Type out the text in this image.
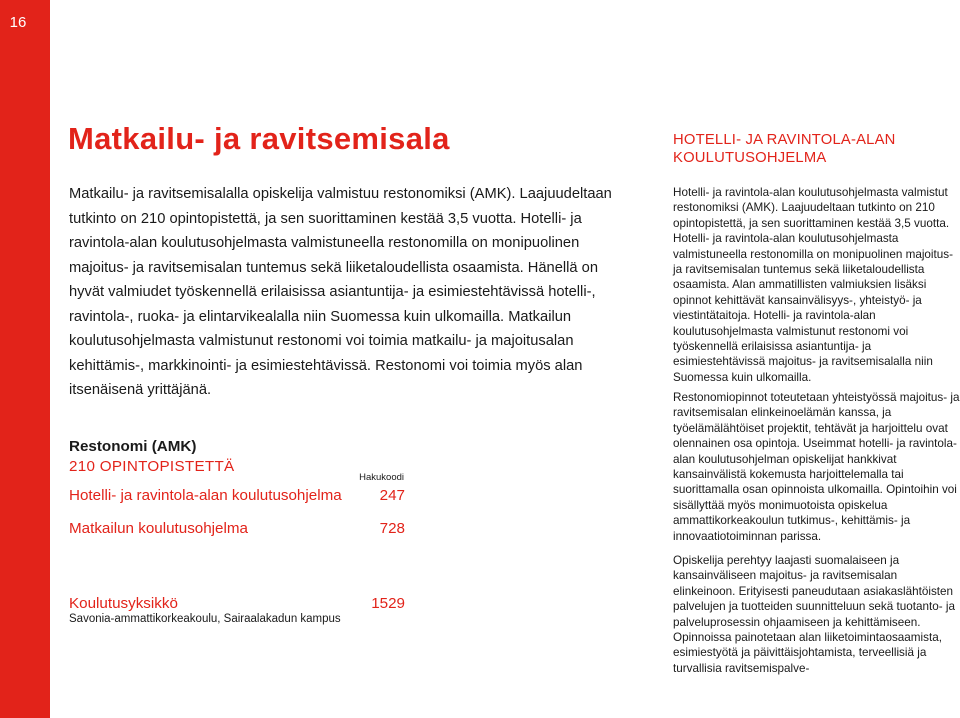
16
Matkailu- ja ravitsemisala

Matkailu- ja ravitsemisalalla opiskelija valmistuu restonomiksi (AMK). Laajuudeltaan tutkinto on 210 opintopistettä, ja sen suorittaminen kestää 3,5 vuotta. Hotelli- ja ravintola-alan koulutusohjelmasta valmistuneella restonomilla on monipuolinen majoitus- ja ravitsemisalan tuntemus sekä liiketaloudellista osaamista. Hänellä on hyvät valmiudet työskennellä erilaisissa asiantuntija- ja esimiestehtävissä hotelli-, ravintola-, ruoka- ja elintarvikealalla niin Suomessa kuin ulkomailla. Matkailun koulutusohjelmasta valmistunut restonomi voi toimia matkailu- ja majoitusalan kehittämis-, markkinointi- ja esimiestehtävissä. Restonomi voi toimia myös alan itsenäisenä yrittäjänä.

Restonomi (AMK)
210 OPINTOPISTETTÄ
Hakukoodi
Hotelli- ja ravintola-alan koulutusohjelma 247
Matkailun koulutusohjelma	728
Koulutusyksikkö	1529
Savonia-ammattikorkeakoulu, Sairaalakadun kampus
HOTELLI- JA RAVINTOLA-ALAN KOULUTUSOHJELMA

Hotelli- ja ravintola-alan koulutusohjelmasta valmistut restonomiksi (AMK). Laajuudeltaan tutkinto on 210 opintopistettä, ja sen suorittaminen kestää 3,5 vuotta. Hotelli- ja ravintola-alan koulutusohjelmasta valmistuneella restonomilla on monipuolinen majoitus- ja ravitsemisalan tuntemus sekä liiketaloudellista osaamista. Alan ammatillisten valmiuksien lisäksi opinnot kehittävät kansainvälisyys-, yhteistyö- ja viestintätaitoja. Hotelli- ja ravintola-alan koulutusohjelmasta valmistunut restonomi voi työskennellä erilaisissa asiantuntija- ja esimiestehtävissä majoitus- ja ravitsemisalalla niin Suomessa kuin ulkomailla.

Restonomiopinnot toteutetaan yhteistyössä majoitus- ja ravitsemisalan elinkeinoelämän kanssa, ja työelämälähtöiset projektit, tehtävät ja harjoittelu ovat olennainen osa opintoja. Useimmat hotelli- ja ravintola-alan koulutusohjelman opiskelijat hankkivat kansainvälistä kokemusta harjoittelemalla tai suorittamalla osan opinnoista ulkomailla. Opintoihin voi sisällyttää myös monimuotoista opiskelua ammattikorkeakoulun tutkimus-, kehittämis- ja innovaatiotoiminnan parissa.

Opiskelija perehtyy laajasti suomalaiseen ja kansainväliseen majoitus- ja ravitsemisalan elinkeinoon. Erityisesti paneudutaan asiakaslähtöisten palvelujen ja tuotteiden suunnitteluun sekä tuotanto- ja palveluprosessin ohjaamiseen ja kehittämiseen. Opinnoissa painotetaan alan liiketoimintaosaamista, esimiestyötä ja päivittäisjohtamista, terveellisiä ja turvallisia ravitsemispalve-
